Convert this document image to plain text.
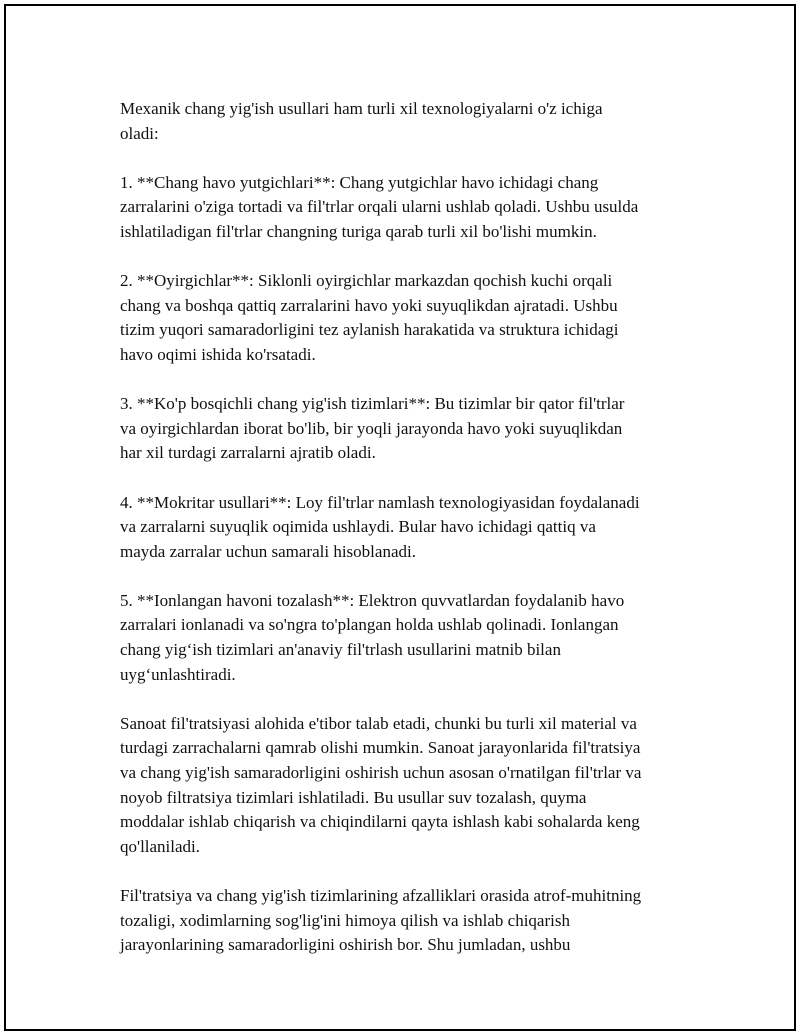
Mexanik chang yig'ish usullari ham turli xil texnologiyalarni o'z ichiga
oladi:

1. **Chang havo yutgichlari**: Chang yutgichlar havo ichidagi chang
zarralarini o'ziga tortadi va fil'trlar orqali ularni ushlab qoladi. Ushbu usulda
ishlatiladigan fil'trlar changning turiga qarab turli xil bo'lishi mumkin.

2. **Oyirgichlar**: Siklonli oyirgichlar markazdan qochish kuchi orqali
chang va boshqa qattiq zarralarini havo yoki suyuqlikdan ajratadi. Ushbu
tizim yuqori samaradorligini tez aylanish harakatida va struktura ichidagi
havo oqimi ishida ko'rsatadi.

3. **Ko'p bosqichli chang yig'ish tizimlari**: Bu tizimlar bir qator fil'trlar
va oyirgichlardan iborat bo'lib, bir yoqli jarayonda havo yoki suyuqlikdan
har xil turdagi zarralarni ajratib oladi.

4. **Mokritar usullari**: Loy fil'trlar namlash texnologiyasidan foydalanadi
va zarralarni suyuqlik oqimida ushlaydi. Bular havo ichidagi qattiq va
mayda zarralar uchun samarali hisoblanadi.

5. **Ionlangan havoni tozalash**: Elektron quvvatlardan foydalanib havo
zarralari ionlanadi va so'ngra to'plangan holda ushlab qolinadi. Ionlangan
chang yig‘ish tizimlari an'anaviy fil'trlash usullarini matnib bilan
uyg‘unlashtiradi.

Sanoat fil'tratsiyasi alohida e'tibor talab etadi, chunki bu turli xil material va
turdagi zarrachalarni qamrab olishi mumkin. Sanoat jarayonlarida fil'tratsiya
va chang yig'ish samaradorligini oshirish uchun asosan o'rnatilgan fil'trlar va
noyob filtratsiya tizimlari ishlatiladi. Bu usullar suv tozalash, quyma
moddalar ishlab chiqarish va chiqindilarni qayta ishlash kabi sohalarda keng
qo'llaniladi.

Fil'tratsiya va chang yig'ish tizimlarining afzalliklari orasida atrof-muhitning
tozaligi, xodimlarning sog'lig'ini himoya qilish va ishlab chiqarish
jarayonlarining samaradorligini oshirish bor. Shu jumladan, ushbu
